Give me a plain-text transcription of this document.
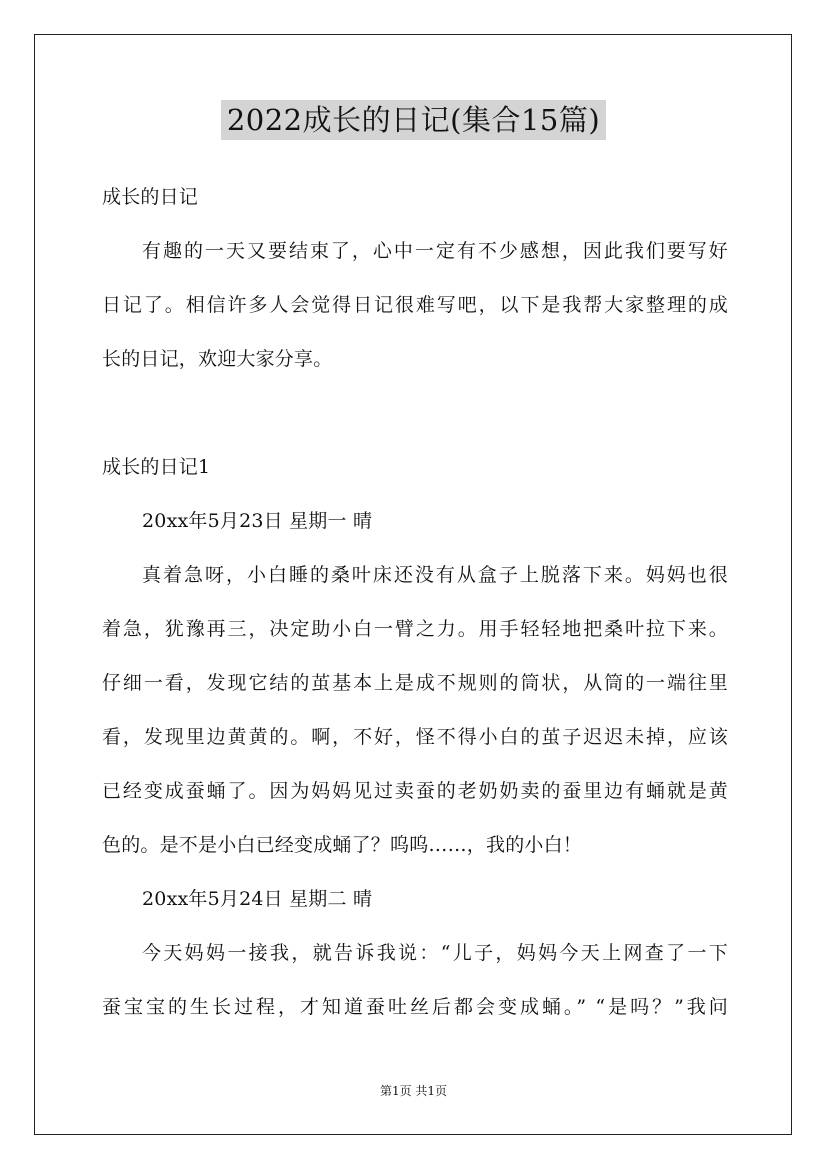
2022成长的日记(集合15篇)
成长的日记
有趣的一天又要结束了，心中一定有不少感想，因此我们要写好
日记了。相信许多人会觉得日记很难写吧，以下是我帮大家整理的成
长的日记，欢迎大家分享。
成长的日记1
20xx年5月23日 星期一 晴
真着急呀，小白睡的桑叶床还没有从盒子上脱落下来。妈妈也很
着急，犹豫再三，决定助小白一臂之力。用手轻轻地把桑叶拉下来。
仔细一看，发现它结的茧基本上是成不规则的筒状，从筒的一端往里
看，发现里边黄黄的。啊，不好，怪不得小白的茧子迟迟未掉，应该
已经变成蚕蛹了。因为妈妈见过卖蚕的老奶奶卖的蚕里边有蛹就是黄
色的。是不是小白已经变成蛹了？呜呜……，我的小白！
20xx年5月24日 星期二 晴
今天妈妈一接我，就告诉我说：“儿子，妈妈今天上网查了一下
蚕宝宝的生长过程，才知道蚕吐丝后都会变成蛹。” “是吗？”我问
第1页 共1页
